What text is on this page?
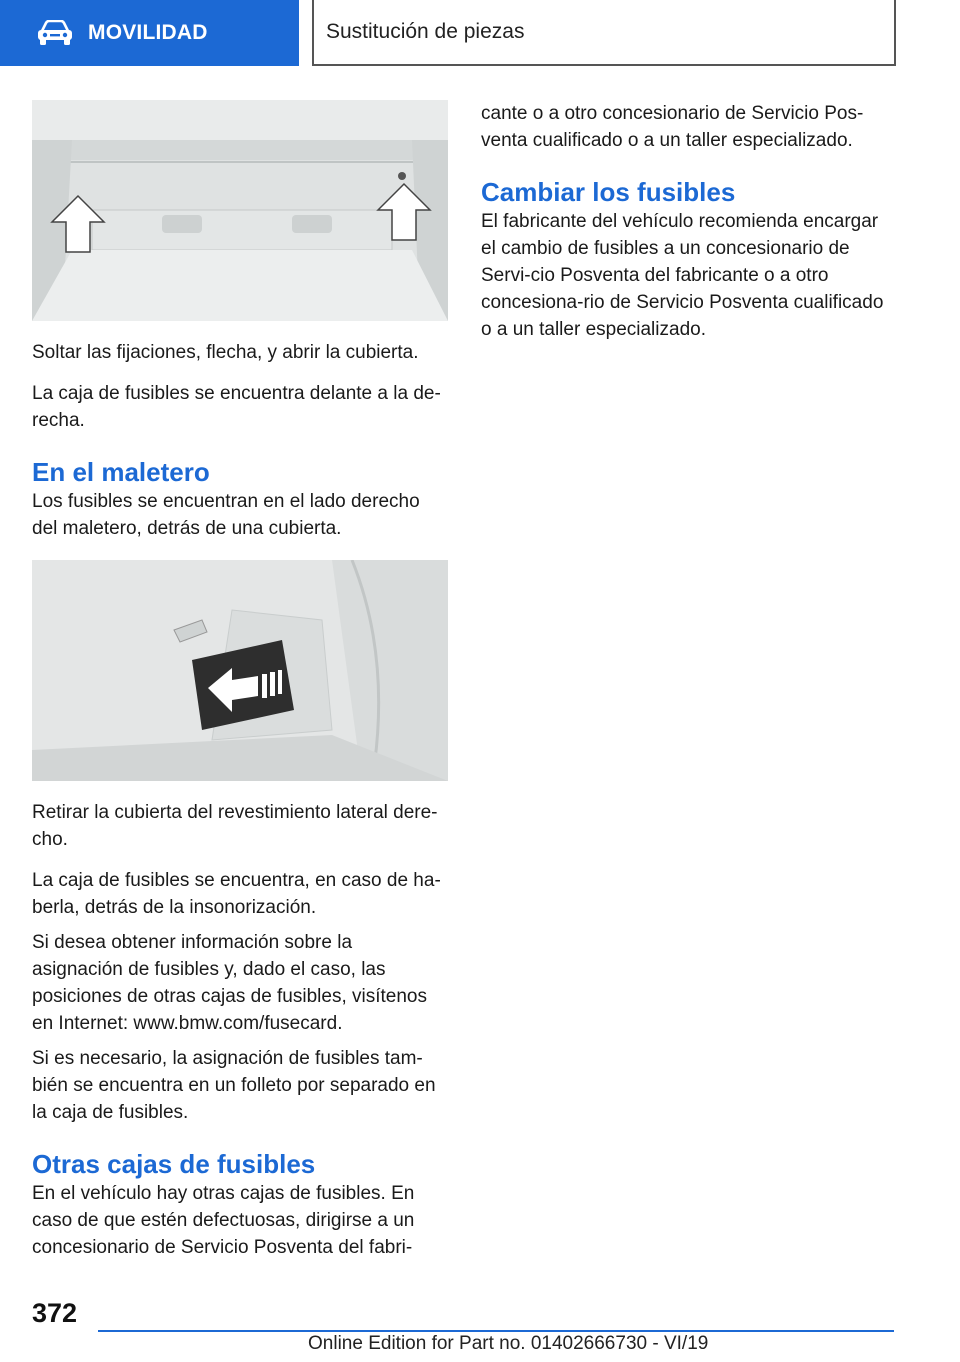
MOVILIDAD	Sustitución de piezas

Soltar las fijaciones, flecha, y abrir la cubierta.

La caja de fusibles se encuentra delante a la de-recha.

En el maletero

Los fusibles se encuentran en el lado derecho del maletero, detrás de una cubierta.

Retirar la cubierta del revestimiento lateral dere-cho.

La caja de fusibles se encuentra, en caso de ha-berla, detrás de la insonorización.

Si desea obtener información sobre la asignación de fusibles y, dado el caso, las posiciones de otras cajas de fusibles, visítenos en Internet: www.bmw.com/fusecard.

Si es necesario, la asignación de fusibles tam-bién se encuentra en un folleto por separado en la caja de fusibles.

Otras cajas de fusibles

En el vehículo hay otras cajas de fusibles. En caso de que estén defectuosas, dirigirse a un concesionario de Servicio Posventa del fabri-

cante o a otro concesionario de Servicio Pos-venta cualificado o a un taller especializado.

Cambiar los fusibles

El fabricante del vehículo recomienda encargar el cambio de fusibles a un concesionario de Servi-cio Posventa del fabricante o a otro concesiona-rio de Servicio Posventa cualificado o a un taller especializado.

372
Online Edition for Part no. 01402666730 - VI/19
